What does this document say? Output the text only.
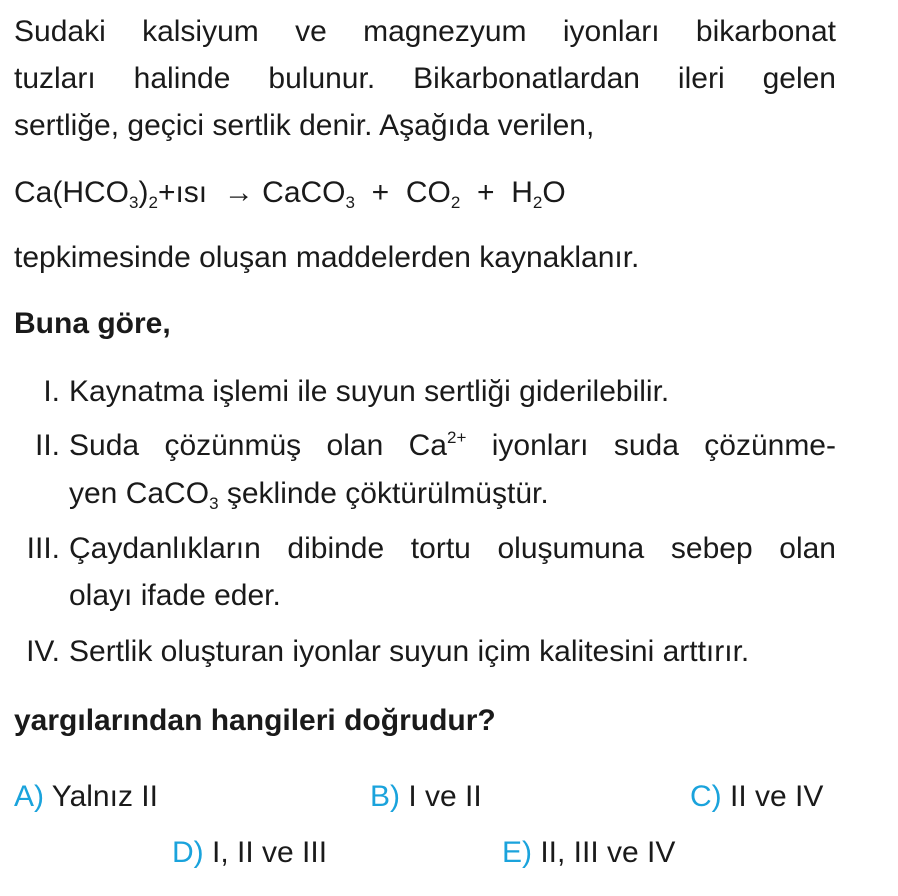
Sudaki kalsiyum ve magnezyum iyonları bikarbonat
tuzları halinde bulunur. Bikarbonatlardan ileri gelen
sertliğe, geçici sertlik denir. Aşağıda verilen,
$Ca(HCO_3)_2+ısı$ → CaCO$_3$ + $CO_2 + H_2O$
tepkimesinde oluşan maddelerden kaynaklanır.
Buna göre,
I. Kaynatma işlemi ile suyun sertliği giderilebilir.
II. Suda çözünmüş olan $Ca^{2+}$ iyonları suda çözünme-
yen CaCO$_3$ şeklinde çöktürülmüştür.
III. Çaydanlıkların dibinde tortu oluşumuna sebep olan
olayı ifade eder.
IV. Sertlik oluşturan iyonlar suyun içim kalitesini arttırır.
yargılarından hangileri doğrudur?
A) Yalnız II	B) I ve II	C) II ve IV
D) I, II ve III	E) II, III ve IV
